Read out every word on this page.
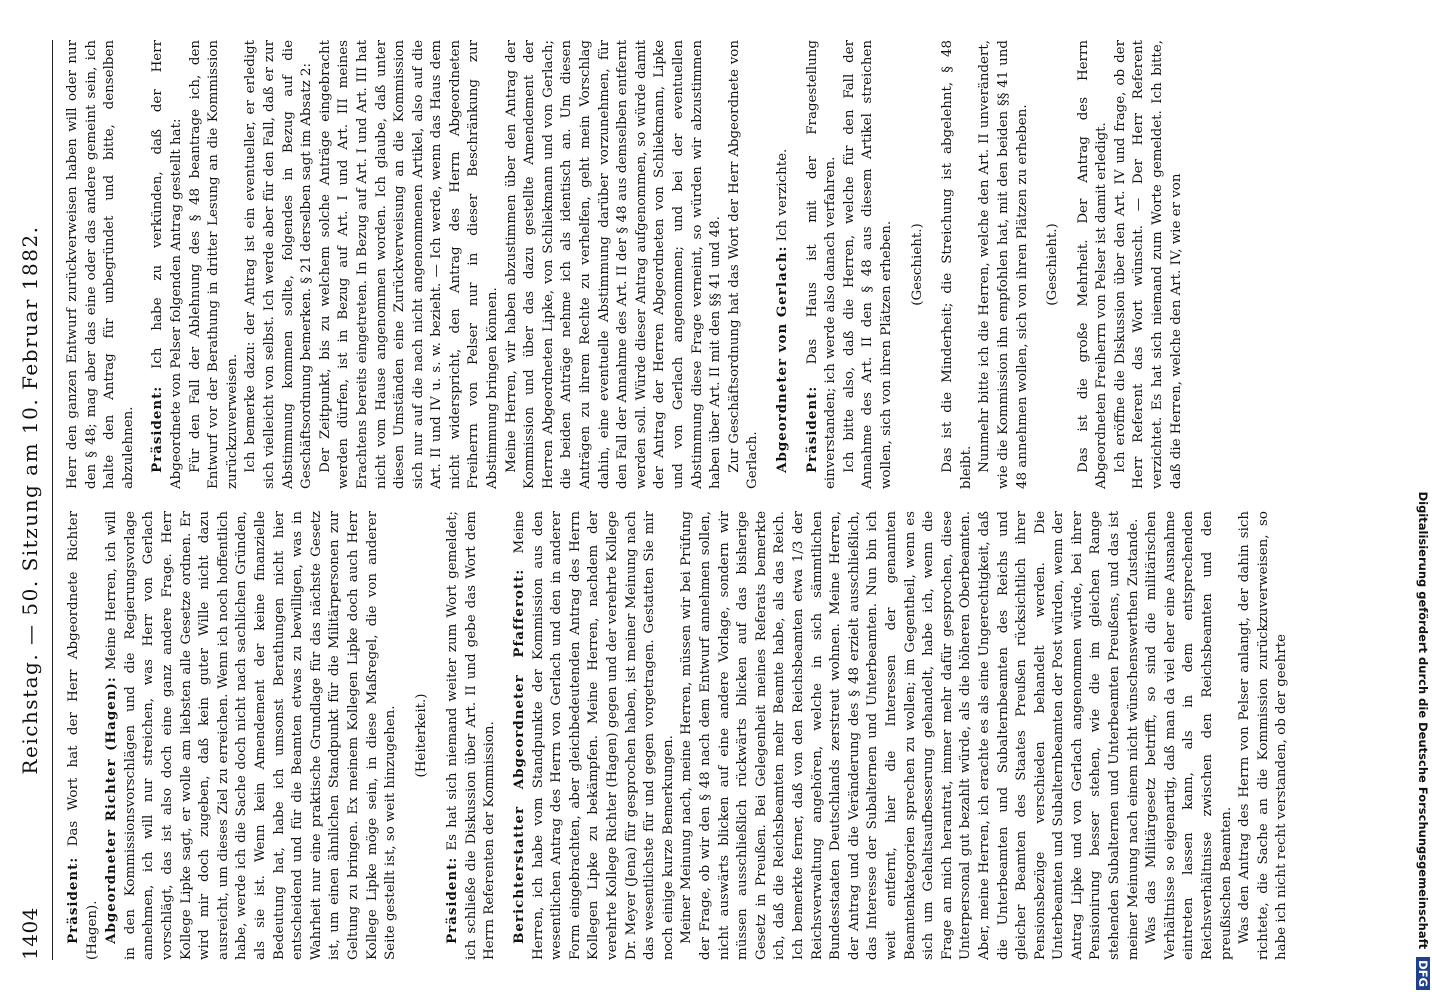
1404
Reichstag. — 50. Sitzung am 10. Februar 1882.

Präsident: Das Wort hat der Herr Abgeordnete Richter (Hagen). Abgeordneter Richter (Hagen): Meine Herren, ich will in den Kommissionsvorschlägen und die Regierungsvorlage annehmen, ich will nur streichen, was Herr von Gerlach vorschlägt, das ist also doch eine ganz andere Frage. Herr Kollege Lipke sagt, er wolle am liebsten alle Gesetze ordnen. Er wird mir doch zugeben, daß kein guter Wille nicht dazu ausreicht, um dieses Ziel zu erreichen. Wenn ich noch hoffentlich habe, werde ich die Sache doch nicht nach sachlichen Gründen, als sie ist. Wenn kein Amendement der keine finanzielle Bedeutung hat, habe ich umsonst Berathungen nicht hier entscheidend und für die Beamten etwas zu bewilligen, was in Wahrheit nur eine praktische Grundlage für das nächste Gesetz ist, um einen ähnlichen Standpunkt für die Militärpersonen zur Geltung zu bringen. Ex meinem Kollegen Lipke doch auch Herr Kollege Lipke möge sein, in diese Maßregel, die von anderer Seite gestellt ist, so weit hinzugehen. (Heiterkeit.)

Präsident: Es hat sich niemand weiter zum Wort gemeldet; ich schließe die Diskussion über Art. II und gebe das Wort dem Herrn Referenten der Kommission. Berichterstatter Abgeordneter Pfafferott: Meine Herren, ich habe vom Standpunkte der Kommission aus den wesentlichen Antrag des Herrn von Gerlach und den in anderer Form eingebrachten, aber gleichbedeutenden Antrag des Herrn Kollegen Lipke zu bekämpfen. Meine Herren, nachdem der verehrte Kollege Richter (Hagen) gegen und der verehrte Kollege Dr. Meyer (Jena) für gesprochen haben, ist meiner Meinung nach das wesentlichste für und gegen vorgetragen. Gestatten Sie mir noch einige kurze Bemerkungen. Meiner Meinung nach, meine Herren, müssen wir bei Prüfung der Frage, ob wir den § 48 nach dem Entwurf annehmen sollen, nicht auswärts blicken auf eine andere Vorlage, sondern wir müssen ausschließlich rückwärts blicken auf das bisherige Gesetz in Preußen. Bei Gelegenheit meines Referats bemerkte ich, daß die Reichsbeamten mehr Beamte habe, als das Reich. Ich bemerkte ferner, daß von den Reichsbeamten etwa 1/3 der Reichsverwaltung angehören, welche in sich sämmtlichen Bundesstaaten Deutschlands zerstreut wohnen. Meine Herren, der Antrag und die Veränderung des § 48 erzielt ausschließlich, das Interesse der Subalternen und Unterbeamten. Nun bin ich weit entfernt, hier die Interessen der genannten Beamtenkategorien sprechen zu wollen; im Gegentheil, wenn es sich um Gehaltsaufbesserung gehandelt, habe ich, wenn die Frage an mich herantrat, immer mehr dafür gesprochen, diese Unterpersonal gut bezahlt würde, als die höheren Oberbeamten. Aber, meine Herren, ich erachte es als eine Ungerechtigkeit, daß die Unterbeamten und Subalternbeamten des Reichs und gleicher Beamten des Staates Preußen rücksichtlich ihrer Pensionsbezüge verschieden behandelt werden. Die Unterbeamten und Subalternbeamten der Post würden, wenn der Antrag Lipke und von Gerlach angenommen würde, bei ihrer Pensionirung besser stehen, wie die im gleichen Range stehenden Subalternen und Unterbeamten Preußens, und das ist meiner Meinung nach einem nicht wünschenswerthen Zustande. Was das Militärgesetz betrifft, so sind die militärischen Verhältnisse so eigenartig, daß man da viel eher eine Ausnahme eintreten lassen kann, als in dem entsprechenden Reichsverhältnisse zwischen den Reichsbeamten und den preußischen Beamten. Was den Antrag des Herrn von Pelser anlangt, der dahin sich richtete, die Sache an die Kommission zurückzuverweisen, so habe ich nicht recht verstanden, ob der geehrte

Herr den ganzen Entwurf zurückverweisen haben will oder nur den § 48; mag aber das eine oder das andere gemeint sein, ich halte den Antrag für unbegründet und bitte, denselben abzulehnen. Präsident: Ich habe zu verkünden, daß der Herr Abgeordnete von Pelser folgenden Antrag gestellt hat: Für den Fall der Ablehnung des § 48 beantrage ich, den Entwurf vor der Berathung in dritter Lesung an die Kommission zurückzuverweisen. Ich bemerke dazu: der Antrag ist ein eventueller, er erledigt sich vielleicht von selbst. Ich werde aber für den Fall, daß er zur Abstimmung kommen sollte, folgendes in Bezug auf die Geschäftsordnung bemerken. § 21 derselben sagt im Absatz 2: Der Zeitpunkt, bis zu welchem solche Anträge eingebracht werden dürfen, ist in Bezug auf Art. I und Art. III meines Erachtens bereits eingetreten. In Bezug auf Art. I und Art. III hat nicht vom Hause angenommen worden. Ich glaube, daß unter diesen Umständen eine Zurückverweisung an die Kommission sich nur auf die nach nicht angenommenen Artikel, also auf die Art. II und IV u. s. w. bezieht. — Ich werde, wenn das Haus dem nicht widerspricht, den Antrag des Herrn Abgeordneten Freiherrn von Pelser nur in dieser Beschränkung zur Abstimmung bringen können. Meine Herren, wir haben abzustimmen über den Antrag der Kommission und über das dazu gestellte Amendement der Herren Abgeordneten Lipke, von Schliekmann und von Gerlach; die beiden Anträge nehme ich als identisch an. Um diesen Anträgen zu ihrem Rechte zu verhelfen, geht mein Vorschlag dahin, eine eventuelle Abstimmung darüber vorzunehmen, für den Fall der Annahme des Art. II der § 48 aus demselben entfernt werden soll. Würde dieser Antrag aufgenommen, so würde damit der Antrag der Herren Abgeordneten von Schliekmann, Lipke und von Gerlach angenommen; und bei der eventuellen Abstimmung diese Frage verneint, so würden wir abzustimmen haben über Art. II mit den §§ 41 und 48. Zur Geschäftsordnung hat das Wort der Herr Abgeordnete von Gerlach. Abgeordneter von Gerlach: Ich verzichte.

Präsident: Das Haus ist mit der Fragestellung einverstanden; ich werde also danach verfahren. Ich bitte also, daß die Herren, welche für den Fall der Annahme des Art. II den § 48 aus diesem Artikel streichen wollen, sich von ihren Plätzen erheben. (Geschieht.) Das ist die Minderheit; die Streichung ist abgelehnt, § 48 bleibt. Nunmehr bitte ich die Herren, welche den Art. II unverändert, wie die Kommission ihn empfohlen hat, mit den beiden §§ 41 und 48 annehmen wollen, sich von ihren Plätzen zu erheben. (Geschieht.) Das ist die große Mehrheit. Der Antrag des Herrn Abgeordneten Freiherrn von Pelser ist damit erledigt. Ich eröffne die Diskussion über den Art. IV und frage, ob der Herr Referent das Wort wünscht. — Der Herr Referent verzichtet. Es hat sich niemand zum Worte gemeldet. Ich bitte, daß die Herren, welche den Art. IV, wie er von

Digitalisierung gefördert durch die Deutsche Forschungsgemeinschaft DFG
